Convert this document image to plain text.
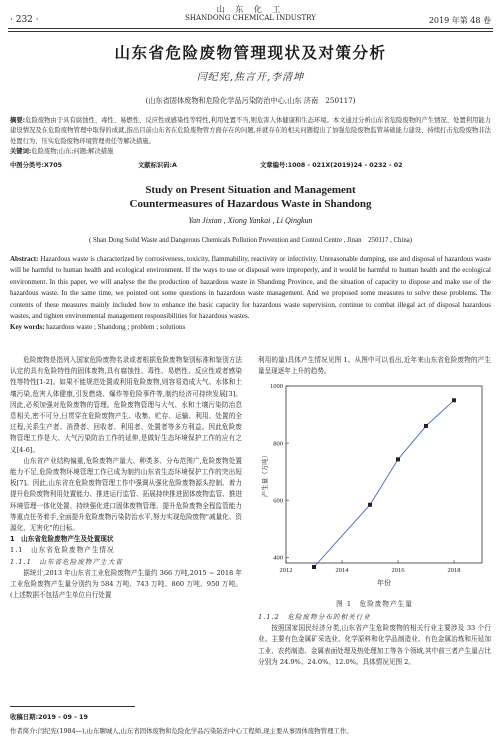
· 232 ·
山 东 化 工
SHANDONG CHEMICAL INDUSTRY	2019 年第 48 卷
山东省危险废物管理现状及对策分析
闫纪宪,焦言开,李清坤
(山东省固体废物和危险化学品污染防治中心,山东 济南　250117)
摘要:危险废物由于具有腐蚀性、毒性、易燃性、反应性或感染性等特性,利用处置不当,则危害人体健康和生态环境。本文通过分析山东省危险废物的产生情况、处置利用能力建设情况及在危险废物管理中取得的成就,指出目前山东省在危险废物管方面存在的问题,并就存在的相关问题提出了加强危险废物监管基础能力建设、持续打击危险废物非法处置行为、压实危险废物环境管理责任等解决措施。
关键词:危险废物;山东;问题;解决措施
中图分类号:X705	文献标识码:A	文章编号:1008 - 021X(2019)24 - 0232 - 02
Study on Present Situation and Management
Countermeasures of Hazardous Waste in Shandong
Yan Jixian , Xiong Yankai , Li Qingkun
( Shan Dong Solid Waste and Dangerous Chemicals Pollution Prevention and Control Centre , Jinan　250117 , China)
Abstract: Hazardous waste is characterized by corrosiveness, toxicity, flammability, reactivity or infectivity. Unreasonable dumping, use and disposal of hazardous waste will be harmful to human health and ecological environment. If the ways to use or disposal were improperly, and it would be harmful to human health and the ecological environment. In this paper, we will analyse the the production of hazardous waste in Shandong Province, and the situation of capacity to dispose and make use of the hazardous waste. In the same time, we pointed out some questions in hazardous waste management. And we proposed some measures to solve these problems. The contents of these measures mainly included how to enhance the basic capacity for hazardous waste supervision, continue to combat illegal act of disposal hazardous wastes, and tighten environmental management responsibilities for hazardous wastes.
Key words: hazardous waste ; Shandong ; problem ; solutions

危险废物是指列入国家危险废物名录或者根据危险废物鉴别标准和鉴别方法认定的具有危险特性的固体废物,具有腐蚀性、毒性、易燃性、反应性或者感染性等特性[1-2]。如果不能规范处置或利用危险废物,则容易造成大气、水体和土壤污染,危害人体健康,引发燃烧、爆炸等危险事件等,制约经济可持续发展[3]。因此,必须加强对危险废物的管理。危险废物管理与大气、水和土壤污染防治息息相关,密不可分,日贯穿在危险废物产生、收集、贮存、运输、利用、处置的全过程,关系生产者、消费者、回收者、利用者、处置者等多方利益。因此危险废物管理工作是大、大气污染防治工作的延伸,是做好生态环境保护工作的应有之义[4-6]。

山东省产业结构偏重,危险废物产量大、种类多、分布范围广,危险废物处置能力不足,危险废物环境管理工作已成为制约山东省生态环境保护工作的突出短板[7]。因此,山东省在危险废物管理工作中强调从强化危险废物源头控制、着力提升危险废物利用处置能力、推进运行监管、拓展持续推进固体废物监管、推进环境管理一体化处置、持续强化进口固体废物管理、提升危险废物全程监管能力等重点任务着手,全面提升危险废物污染防治水平,努力实现危险废物"减量化、资源化、无害化"的目标。

1　山东省危险废物产生及处置现状

1.1　山东省危险废物产生情况

1.1.1　山东省危险废物产生大省

据统计,2013 年山东省工业危险废物产生量约 366 万吨,2015 ~ 2018 年工业危险废物产生量分别约为 584 万吨、743 万吨、860 万吨、950 万吨。(上述数据不包括产生单位自行处置

利用的量)具体产生情况见图 1。从图中可以看出,近年来山东省危险废物的产生量呈现逐年上升的趋势。

2012	2014	2016	2018
400
600
800
1000
年份
产生量（万吨）
图 1　危险废物产生量

1.1.2　危险废物分布的相关行业

按照国家国民经济分类,山东省产生危险废物的相关行业主要涉及 33 个行业。主要有色金属矿采选业、化学原料和化学品制造业、有色金属冶炼和压延加工业、农药制造、金属表面处理及热处理加工等各个领域,其中前三者产生量占比分别为 24.9%、24.0%、12.0%。具体情况见图 2。

收稿日期:2019 - 09 - 19
作者简介:闫纪宪(1984—),山东聊城人,山东省固体废物和危险化学品污染防治中心工程师,现主要从事固体废物管理工作。
